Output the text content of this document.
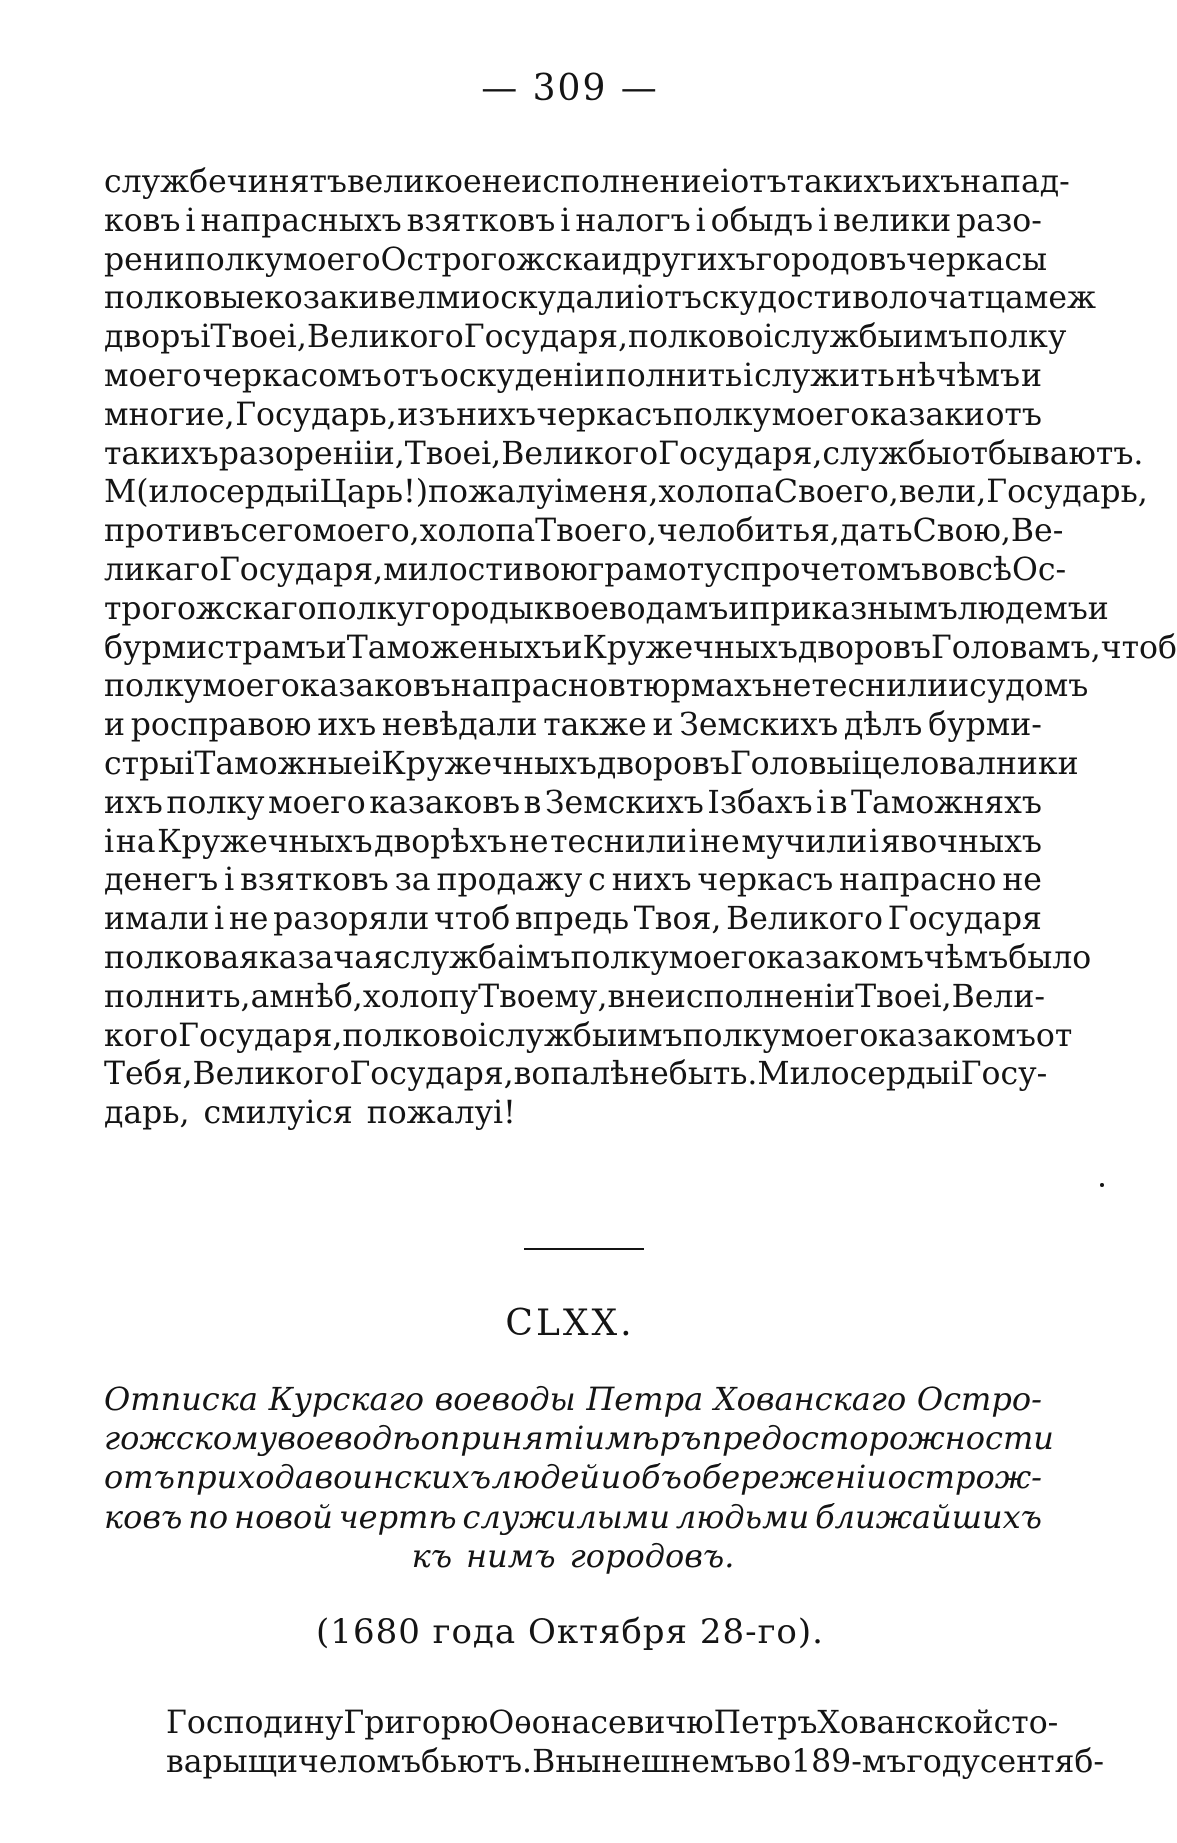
— 309 —
службе чинятъ великое неисполнение і отъ такихъ ихъ напад-
ковъ і напрасныхъ взятковъ і налогъ і обыдъ і велики разо-
рени полку моего Острогожска и другихъ городовъ черкасы
полковые козаки велми оскудали і отъ скудости волочатца меж
дворъ і Твоеі, Великого Государя, полковоі службы имъ полку
моего черкасомъ отъ оскуденіи полнить і служить нѣчѣмъ и
многие, Государь, изъ нихъ черкасъ полку моего казаки отъ
такихъ разоренііи, Твоеі, Великого Государя, службы отбываютъ.
М(илосердыі Царь!) пожалуі меня, холопа Своего, вели, Государь,
противъ сего моего, холопа Твоего, челобитья, дать Свою, Ве-
ликаго Государя, милостивою грамоту с прочетомъ во всѣ Ос-
трогожскаго полку городы к воеводамъ и приказнымъ людемъ и
бурмистрамъ и Таможеныхъ и Кружечныхъ дворовъ Головамъ, чтоб
полку моего казаковъ напрасно в тюрмахъ не теснили и судомъ
и росправою ихъ невѣдали также и Земскихъ дѣлъ бурми-
стры і Таможные і Кружечныхъ дворовъ Головы і целовалники
ихъ полку моего казаковъ в Земскихъ Ізбахъ і в Таможняхъ
і на Кружечныхъ дворѣхъ не теснили і не мучили і явочныхъ
денегъ і взятковъ за продажу с нихъ черкасъ напрасно не
имали і не разоряли чтоб впредь Твоя, Великого Государя
полковая казачая служба імъ полку моего казакомъ чѣмъ было
полнить, а мнѣ б, холопу Твоему, в неисполненіи Твоеі, Вели-
кого Государя, полковоі службы имъ полку моего казакомъ от
Тебя, Великого Государя, в опалѣ не быть. Милосердыі Госу-
дарь, смилуіся пожалуі!
CLXX.
Отписка Курскаго воеводы Петра Хованскаго Остро-
гожскому воеводѣ о принятіи мѣръ предосторожности
отъ прихода воинскихъ людей и объ обереженіи острож-
ковъ по новой чертѣ служилыми людьми ближайшихъ
къ нимъ городовъ.
(1680 года Октября 28-го).
Господину Григорю Оѳонасевичю Петръ Хованской с то-
варыщи челомъ бьютъ. В нынешнемъ во 189-мъ году сентяб-
